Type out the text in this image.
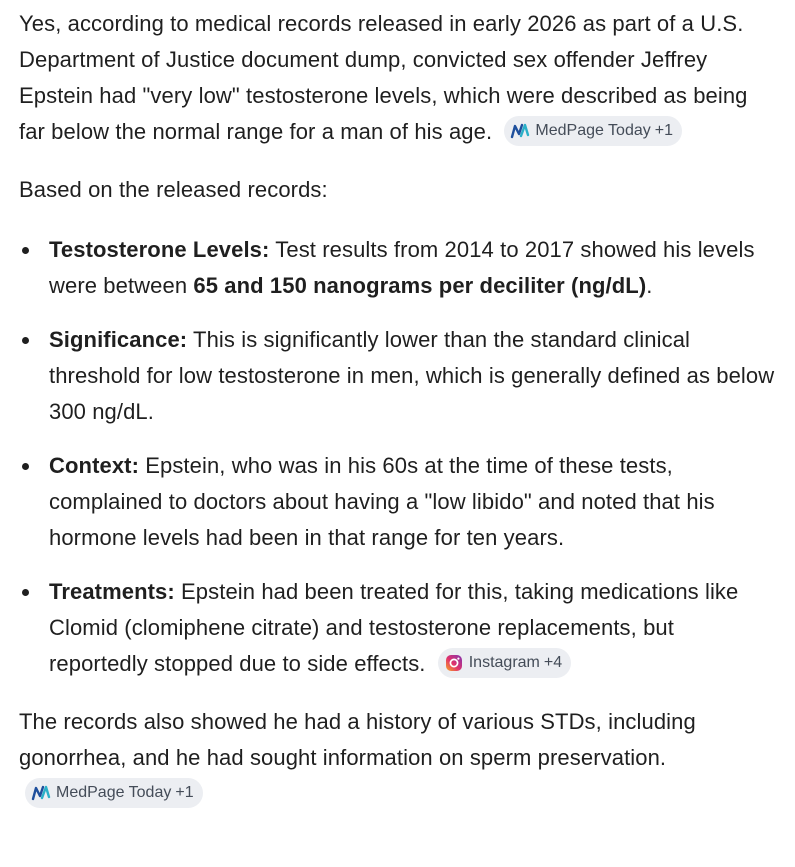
Yes, according to medical records released in early 2026 as part of a U.S. Department of Justice document dump, convicted sex offender Jeffrey Epstein had "very low" testosterone levels, which were described as being far below the normal range for a man of his age.	MedPage Today +1

Based on the released records:

Testosterone Levels: Test results from 2014 to 2017 showed his levels were between 65 and 150 nanograms per deciliter (ng/dL).
Significance: This is significantly lower than the standard clinical threshold for low testosterone in men, which is generally defined as below 300 ng/dL.
Context: Epstein, who was in his 60s at the time of these tests, complained to doctors about having a "low libido" and noted that his hormone levels had been in that range for ten years.
Treatments: Epstein had been treated for this, taking medications like Clomid (clomiphene citrate) and testosterone replacements, but reportedly stopped due to side effects.	Instagram +4

The records also showed he had a history of various STDs, including gonorrhea, and he had sought information on sperm preservation.
MedPage Today +1
